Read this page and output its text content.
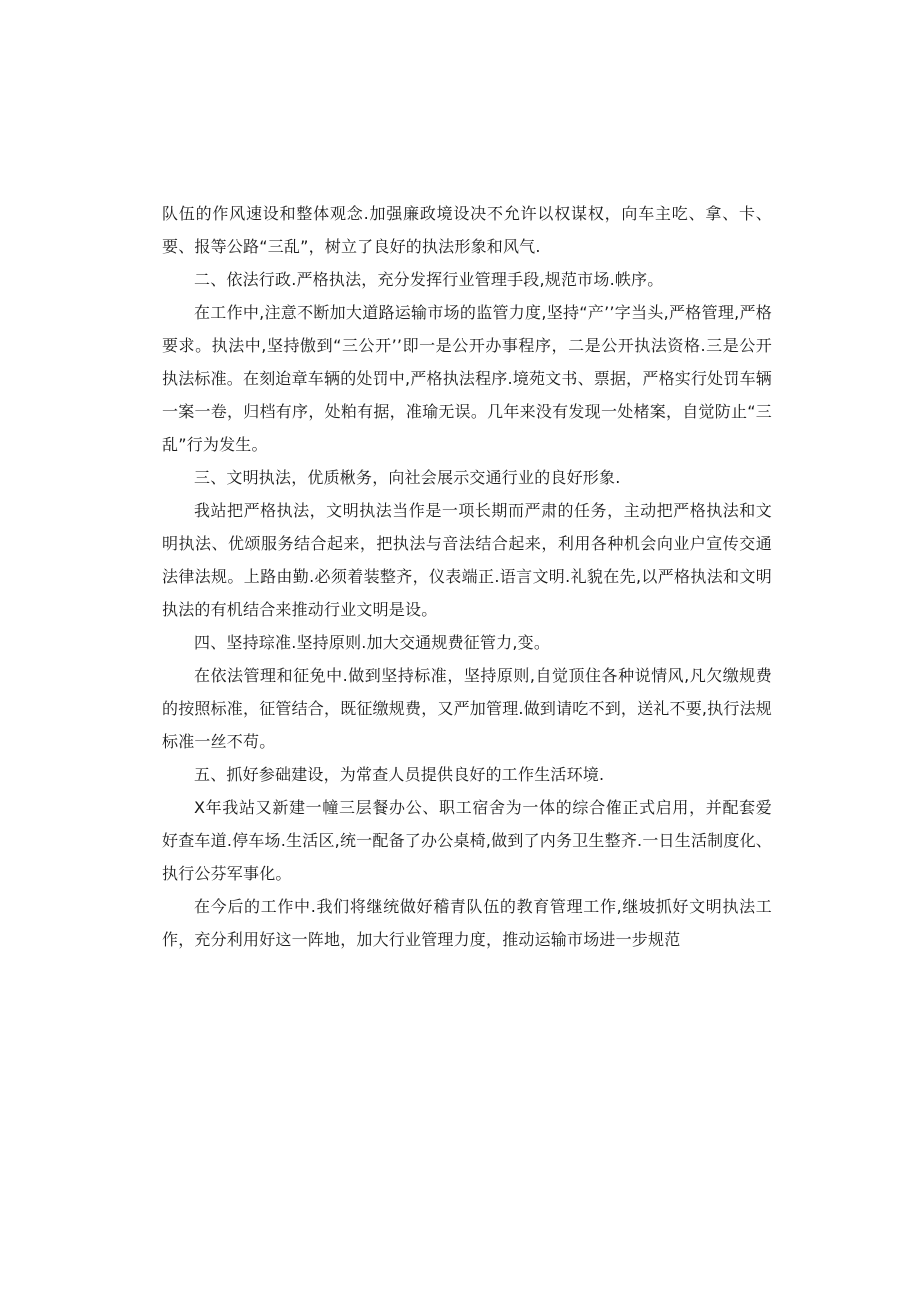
队伍的作风速设和整体观念.加强廉政境设决不允许以权谋权，向车主吃、拿、卡、要、报等公路“三乱”，树立了良好的执法形象和风气.

二、依法行政.严格执法，充分发挥行业管理手段,规范市场.帙序。

在工作中,注意不断加大道路运输市场的监管力度,坚持“产’’字当头,严格管理,严格要求。执法中,坚持傲到“三公开’’即一是公开办事程序，二是公开执法资格.三是公开执法标准。在刻迨章车辆的处罚中,严格执法程序.境苑文书、票据，严格实行处罚车辆一案一卷，归档有序，处粕有据，准瑜无误。几年来没有发现一处楮案，自觉防止“三乱”行为发生。

三、文明执法，优质楸务，向社会展示交通行业的良好形象.

我站把严格执法，文明执法当作是一项长期而严肃的任务，主动把严格执法和文明执法、优颂服务结合起来，把执法与音法结合起来，利用各种机会向业户宣传交通法律法规。上路由勤.必须着装整齐，仪表端正.语言文明.礼貌在先,以严格执法和文明执法的有机结合来推动行业文明是设。

四、坚持琮准.坚持原则.加大交通规费征管力,变。

在依法管理和征免中.做到坚持标准，坚持原则,自觉顶住各种说情风,凡欠缴规费的按照标准，征管结合，既征缴规费，又严加管理.做到请吃不到，送礼不要,执行法规标准一丝不苟。

五、抓好参础建设，为常查人员提供良好的工作生活环境.

X年我站又新建一幢三层餐办公、职工宿舍为一体的综合傕正式启用，并配套爱好查车道.停车场.生活区,统一配备了办公桌椅,做到了内务卫生整齐.一日生活制度化、执行公芬军事化。

在今后的工作中.我们将继统做好稽青队伍的教育管理工作,继坡抓好文明执法工作，充分利用好这一阵地，加大行业管理力度，推动运输市场进一步规范
